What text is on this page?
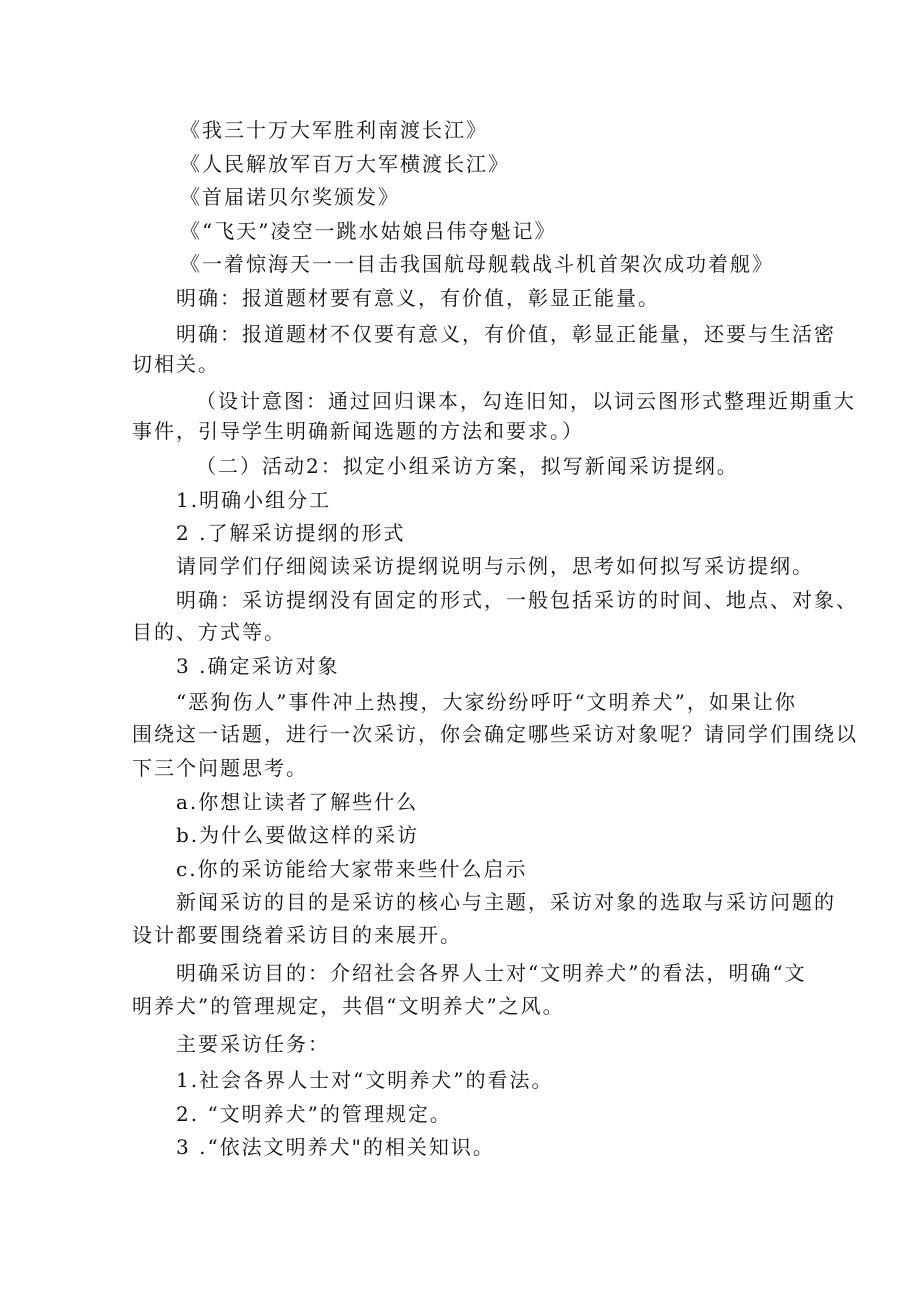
《我三十万大军胜利南渡长江》
《人民解放军百万大军横渡长江》
《首届诺贝尔奖颁发》
《“飞天”凌空一跳水姑娘吕伟夺魁记》
《一着惊海天一一目击我国航母舰载战斗机首架次成功着舰》
明确：报道题材要有意义，有价值，彰显正能量。
明确：报道题材不仅要有意义，有价值，彰显正能量，还要与生活密
切相关。
（设计意图：通过回归课本，勾连旧知，以词云图形式整理近期重大
事件，引导学生明确新闻选题的方法和要求。）
（二）活动2：拟定小组采访方案，拟写新闻采访提纲。
1.明确小组分工
2 .了解采访提纲的形式
请同学们仔细阅读采访提纲说明与示例，思考如何拟写采访提纲。
明确：采访提纲没有固定的形式，一般包括采访的时间、地点、对象、
目的、方式等。
3 .确定采访对象
“恶狗伤人”事件冲上热搜，大家纷纷呼吁“文明养犬”，如果让你
围绕这一话题，进行一次采访，你会确定哪些采访对象呢？请同学们围绕以
下三个问题思考。
a.你想让读者了解些什么
b.为什么要做这样的采访
c.你的采访能给大家带来些什么启示
新闻采访的目的是采访的核心与主题，采访对象的选取与采访问题的
设计都要围绕着采访目的来展开。
明确采访目的：介绍社会各界人士对“文明养犬”的看法，明确“文
明养犬”的管理规定，共倡“文明养犬”之风。
主要采访任务：
1.社会各界人士对“文明养犬”的看法。
2. “文明养犬”的管理规定。
3 .“依法文明养犬"的相关知识。
